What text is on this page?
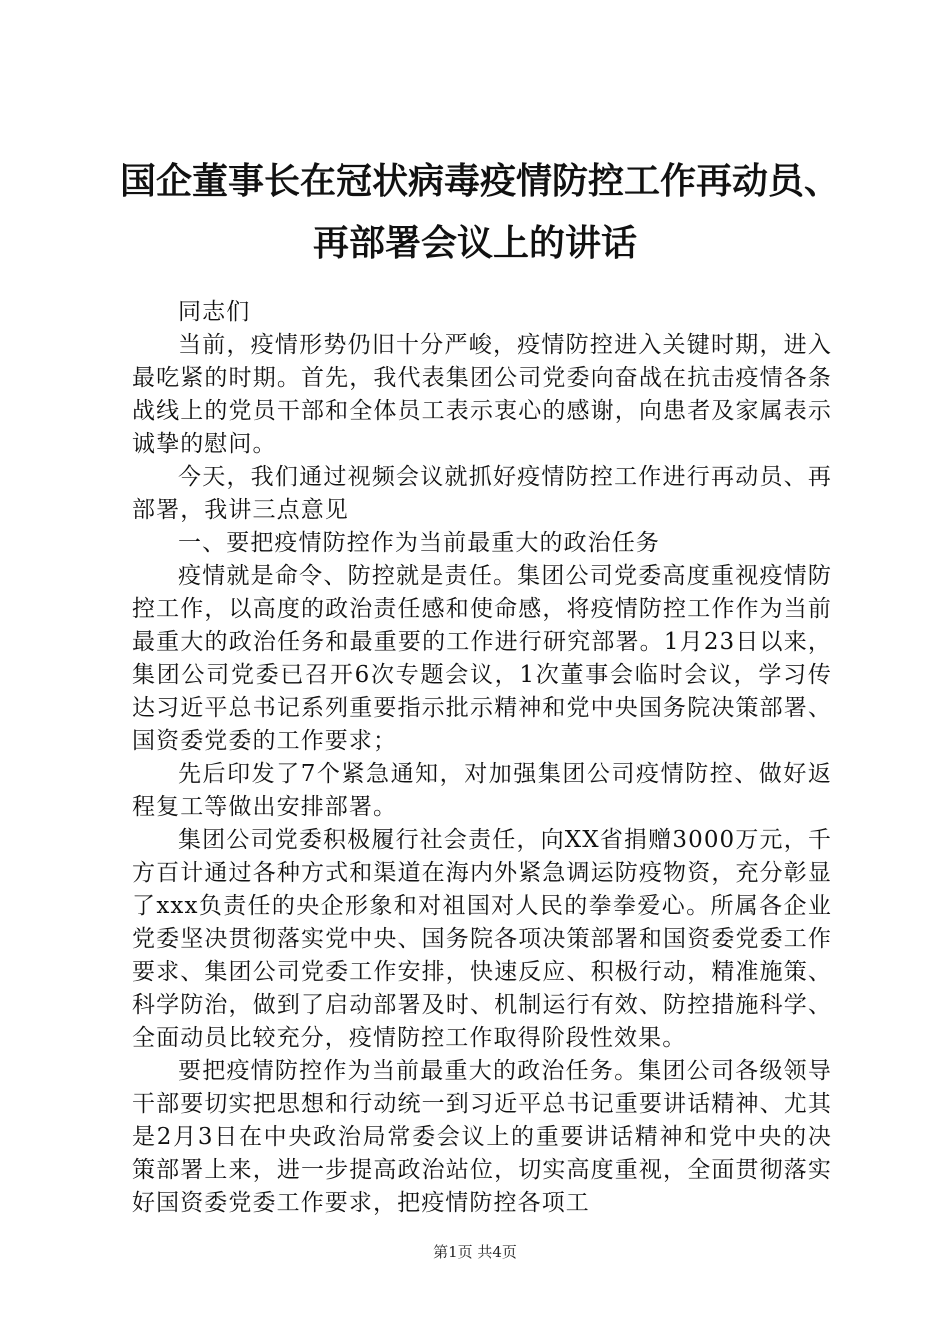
国企董事长在冠状病毒疫情防控工作再动员、
再部署会议上的讲话

同志们

当前，疫情形势仍旧十分严峻，疫情防控进入关键时期，进入最吃紧的时期。首先，我代表集团公司党委向奋战在抗击疫情各条战线上的党员干部和全体员工表示衷心的感谢，向患者及家属表示诚挚的慰问。

今天，我们通过视频会议就抓好疫情防控工作进行再动员、再部署，我讲三点意见

一、要把疫情防控作为当前最重大的政治任务

疫情就是命令、防控就是责任。集团公司党委高度重视疫情防控工作，以高度的政治责任感和使命感，将疫情防控工作作为当前最重大的政治任务和最重要的工作进行研究部署。1月23日以来，集团公司党委已召开6次专题会议，1次董事会临时会议，学习传达习近平总书记系列重要指示批示精神和党中央国务院决策部署、国资委党委的工作要求；

先后印发了7个紧急通知，对加强集团公司疫情防控、做好返程复工等做出安排部署。

集团公司党委积极履行社会责任，向XX省捐赠3000万元，千方百计通过各种方式和渠道在海内外紧急调运防疫物资，充分彰显了xxx负责任的央企形象和对祖国对人民的拳拳爱心。所属各企业党委坚决贯彻落实党中央、国务院各项决策部署和国资委党委工作要求、集团公司党委工作安排，快速反应、积极行动，精准施策、科学防治，做到了启动部署及时、机制运行有效、防控措施科学、全面动员比较充分，疫情防控工作取得阶段性效果。

要把疫情防控作为当前最重大的政治任务。集团公司各级领导干部要切实把思想和行动统一到习近平总书记重要讲话精神、尤其是2月3日在中央政治局常委会议上的重要讲话精神和党中央的决策部署上来，进一步提高政治站位，切实高度重视，全面贯彻落实好国资委党委工作要求，把疫情防控各项工

第1页 共4页
